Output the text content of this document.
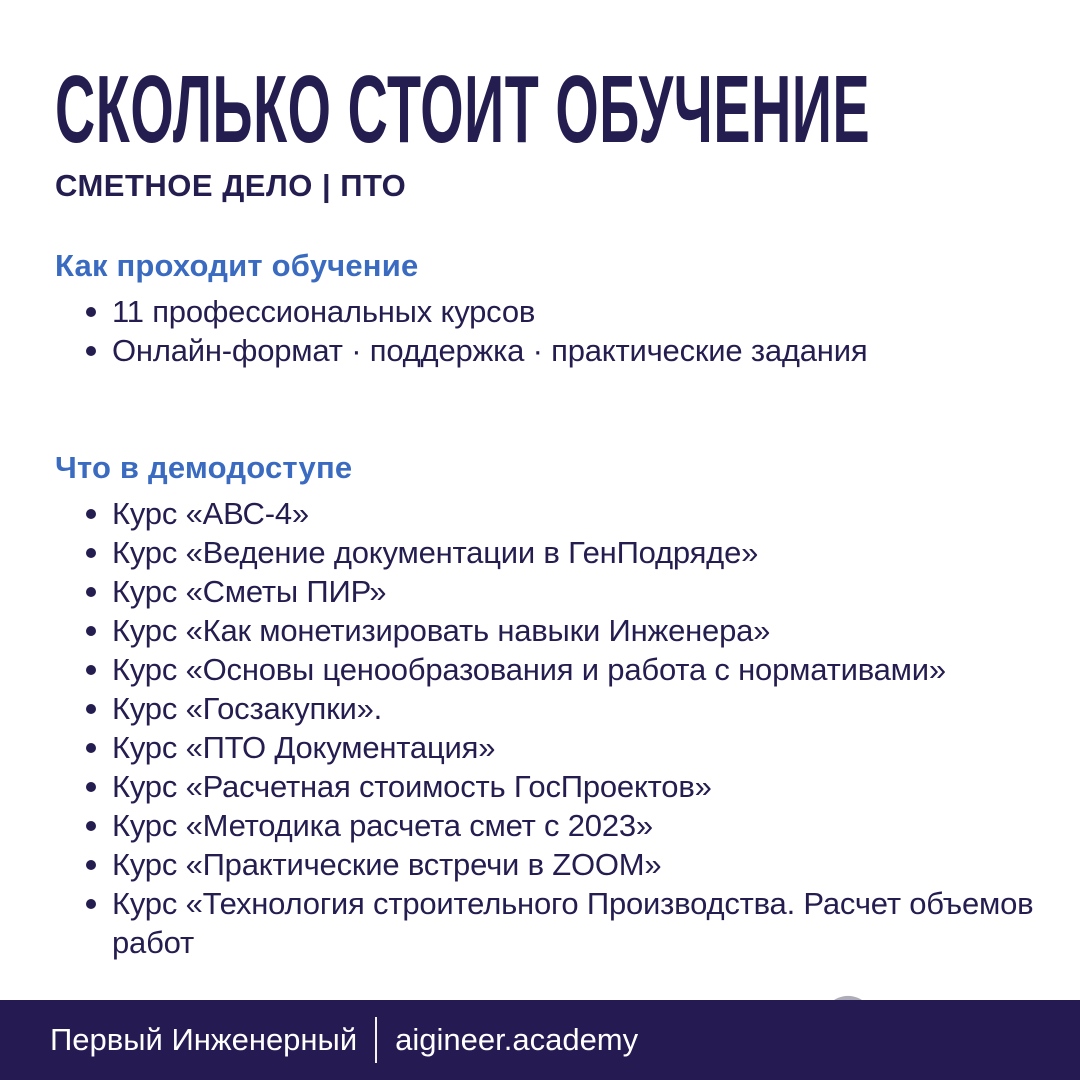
СКОЛЬКО СТОИТ ОБУЧЕНИЕ
СМЕТНОЕ ДЕЛО | ПТО
Как проходит обучение
11 профессиональных курсов
Онлайн-формат · поддержка · практические задания
Что в демодоступе
Курс «АВС-4»
Курс «Ведение документации в ГенПодряде»
Курс «Сметы ПИР»
Курс «Как монетизировать навыки Инженера»
Курс «Основы ценообразования и работа с нормативами»
Курс «Госзакупки».
Курс «ПТО Документация»
Курс «Расчетная стоимость ГосПроектов»
Курс «Методика расчета смет с 2023»
Курс «Практические встречи в ZOOM»
Курс «Технология строительного Производства. Расчет объемов работ
Первый Инженерный aigineer.academy
